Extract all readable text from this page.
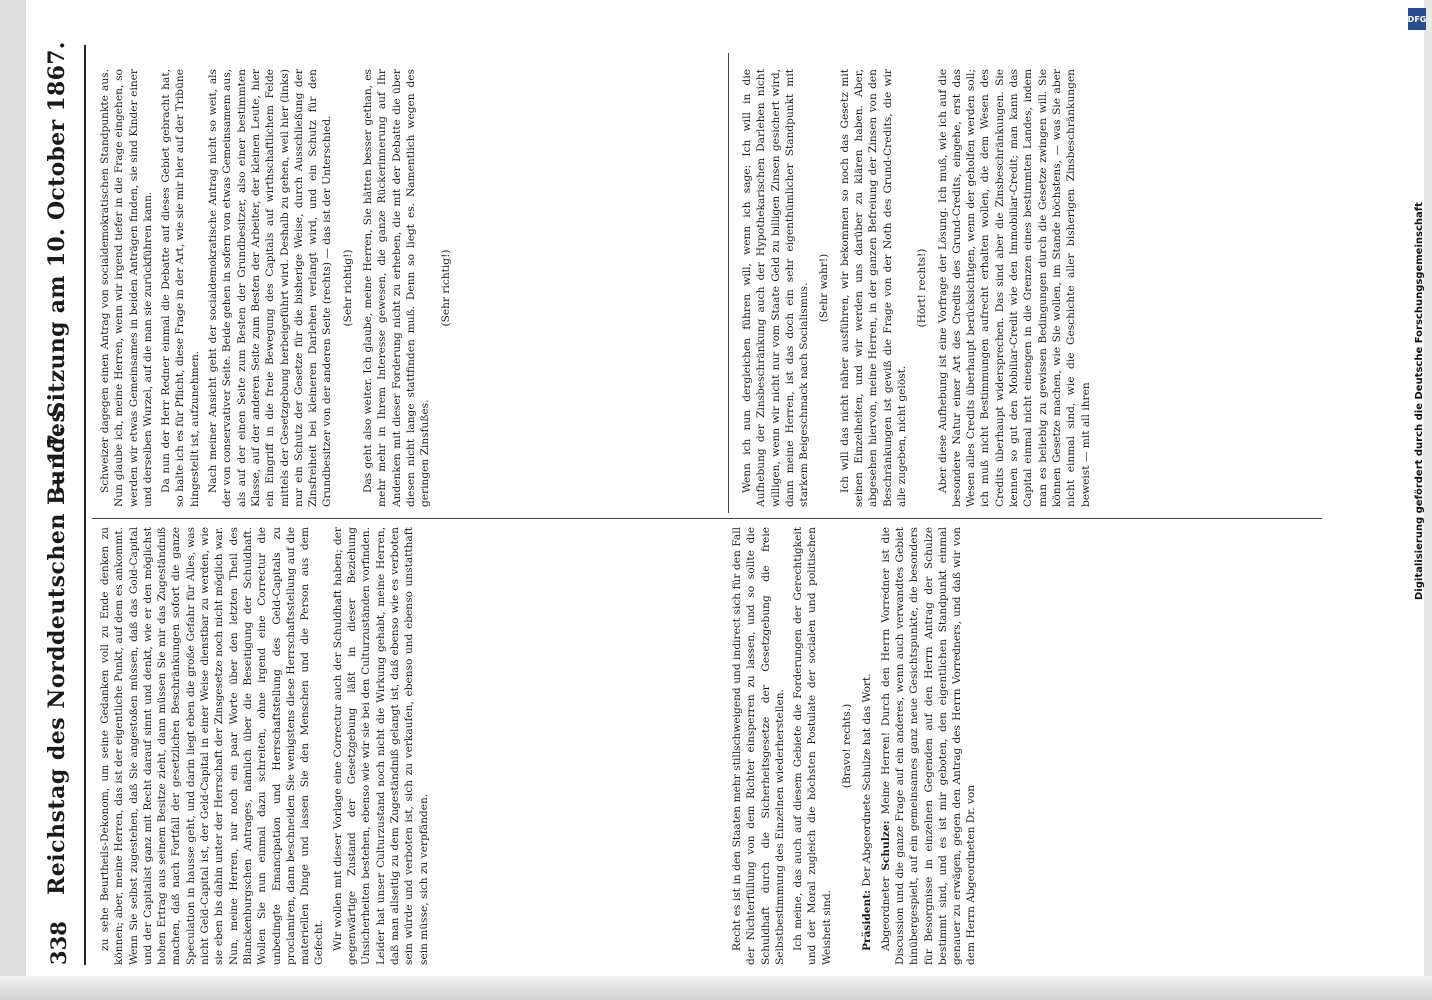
338
Reichstag des Norddeutschen Bundes.
— 17. Sitzung am 10. October 1867.

zu sehe Beurtheils-Dekonom, um seine Gedanken voll zu Ende denken zu können; aber, meine Herren, das ist der eigentliche Punkt, auf dem es ankommt. Wenn Sie selbst zugestehen, daß Sie angestoßen müssen, daß das Gold-Capital und der Capitalist ganz mit Recht darauf sinnt und denkt, wie er den möglichst hohen Ertrag aus seinem Besitze zieht, dann müssen Sie mir das Zugeständniß machen, daß nach Fortfall der gesetzlichen Beschränkungen sofort die ganze Speculation in hausse geht, und darin liegt eben die große Gefahr für Alles, was nicht Geld-Capital ist, der Geld-Capital in einer Weise dienstbar zu werden, wie sie eben bis dahin unter der Herrschaft der Zinsgesetze noch nicht möglich war. Nun, meine Herren, nur noch ein paar Worte über den letzten Theil des Blanckenburgschen Antrages, nämlich über die Beseitigung der Schuldhaft. Wollen Sie nun einmal dazu schreiten, ohne irgend eine Correctur die unbedingte Emancipation und Herrschaftstellung des Geld-Capitals zu proclamiren, dann beschneiden Sie wenigstens diese Herrschaftsstellung auf die materiellen Dinge und lassen Sie den Menschen und die Person aus dem Gefecht. Wir wollen mit dieser Vorlage eine Correctur auch der Schuldhaft haben; der gegenwärtige Zustand der Gesetzgebung läßt in dieser Beziehung Unsicherheiten bestehen, ebenso wie wir sie bei den Culturzuständen vorfinden. Leider hat unser Culturzustand noch nicht die Wirkung gehabt, meine Herren, daß man allseitig zu dem Zugeständniß gelangt ist, daß ebenso wie es verboten sein würde und verboten ist, sich zu verkaufen, ebenso und ebenso unstatthaft sein müsse, sich zu verpfänden.

Schweizer dagegen einen Antrag von socialdemokratischen Standpunkte aus. Nun glaube ich, meine Herren, wenn wir irgend tiefer in die Frage eingehen, so werden wir etwas Gemeinsames in beiden Anträgen finden, sie sind Kinder einer und derselben Wurzel, auf die man sie zurückführen kann. Da nun der Herr Redner einmal die Debatte auf dieses Gebiet gebracht hat, so halte ich es für Pflicht, diese Frage in der Art, wie sie mir hier auf der Tribüne hingestellt ist, aufzunehmen. Nach meiner Ansicht geht der socialdemokratische Antrag nicht so weit, als der von conservativer Seite. Beide gehen in sofern von etwas Gemeinsamem aus, als auf der einen Seite zum Besten der Grundbesitzer, also einer bestimmten Klasse, auf der anderen Seite zum Besten der Arbeiter, der kleinen Leute, hier ein Eingriff in die freie Bewegung des Capitals auf wirthschaftlichem Felde mittels der Gesetzgebung herbeigeführt wird. Deshalb zu gehen, weil hier (links) nur ein Schutz der Gesetze für die bisherige Weise, durch Ausschließung der Zinsfreiheit bei kleineren Darlehen verlangt wird, und ein Schutz für den Grundbesitzer von der anderen Seite (rechts) — das ist der Unterschied. (Sehr richtig!) Das geht also weiter. Ich glaube, meine Herren, Sie hätten besser gethan, es mehr mehr in Ihrem Interesse gewesen, die ganze Rückerinnerung auf Ihr Andenken mit dieser Forderung nicht zu erheben, die mit der Debatte die über diesen nicht lange stattfinden muß. Denn so liegt es. Namentlich wegen des geringen Zinsfußes.

(Sehr richtig!)

Recht es ist in den Staaten mehr stillschweigend und indirect sich für den Fall der Nichterfüllung von dem Richter einsperren zu lassen, und so sollte die Schuldhaft durch die Sicherheitsgesetze der Gesetzgebung die freie Selbstbestimmung des Einzelnen wiederherstellen. Ich meine, das auch auf diesem Gebiete die Forderungen der Gerechtigkeit und der Moral zugleich die höchsten Postulate der socialen und politischen Weisheit sind.

(Bravo! rechts.)

Präsident: Der Abgeordnete Schulze hat das Wort.

Abgeordneter Schulze: Meine Herren! Durch den Herrn Vorredner ist die Discussion und die ganze Frage auf ein anderes, wenn auch verwandtes Gebiet hinübergespielt, auf ein gemeinsames ganz neue Gesichtspunkte, die besonders für Besorgnisse in einzelnen Gegenden auf den Herrn Antrag der Schulze bestimmt sind, und es ist mir geboten, den eigentlichen Standpunkt einmal genauer zu erwägen, gegen den Antrag des Herrn Vorredners, und daß wir von dem Herrn Abgeordneten Dr. von

Wenn ich nun dergleichen führen will, wenn ich sage: Ich will in die Aufhebung der Zinsbeschränkung auch der Hypothekarischen Darlehen nicht willigen, wenn wir nicht nur vom Staate Geld zu billigen Zinsen gesichert wird, dann meine Herren, ist das doch ein sehr eigenthümlicher Standpunkt mit starkem Beigeschmack nach Socialismus. (Sehr wahr!) Ich will das nicht näher ausführen, wir bekommen so noch das Gesetz mit seinen Einzelheiten, und wir werden uns darüber zu klären haben. Aber, abgesehen hiervon, meine Herren, in der ganzen Befreiung der Zinsen von den Beschränkungen ist gewiß die Frage von der Noth des Grund-Credits, die wir alle zugeben, nicht gelöst.

(Hört! rechts!) Aber diese Aufhebung ist eine Vorfrage der Lösung. Ich muß, wie ich auf die besondere Natur einer Art des Credits des Grund-Credits, eingehe, erst das Wesen alles Credits überhaupt berücksichtigen, wenn der geholfen werden soll; ich muß nicht Bestimmungen aufrecht erhalten wollen, die dem Wesen des Credits überhaupt widersprechen. Das sind aber die Zinsbeschränkungen. Sie kennen so gut den Mobiliar-Credit wie den Immobiliar-Credit; man kann das Capital einmal nicht einengen in die Grenzen eines bestimmten Landes, indem man es beliebig zu gewissen Bedingungen durch die Gesetze zwingen will. Sie können Gesetze machen, wie Sie wollen, im Stande höchstens, — was Sie aber nicht einmal sind, wie die Geschichte aller bisherigen Zinsbeschränkungen beweist — mit all ihren

DFG
Digitalisierung gefördert durch die Deutsche Forschungsgemeinschaft
